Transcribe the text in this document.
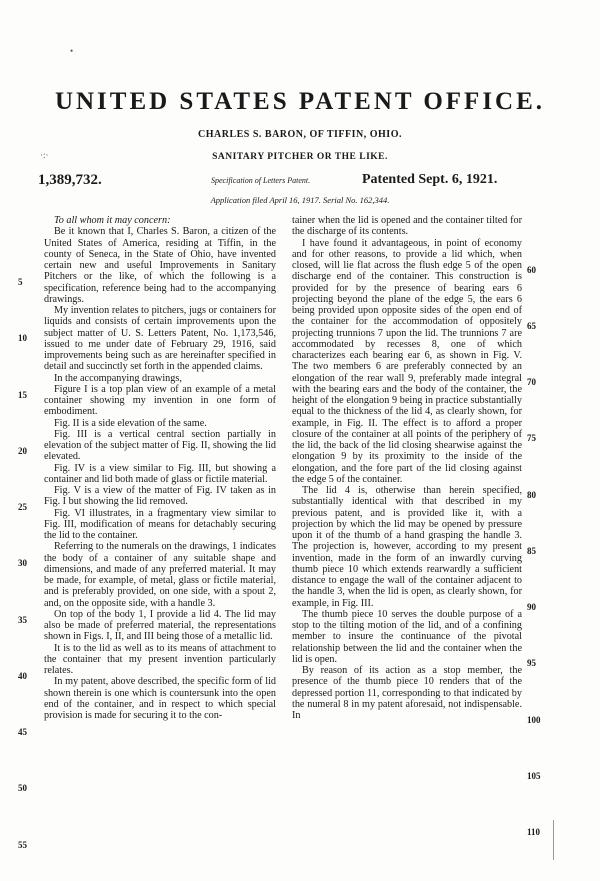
•
·:·
UNITED STATES PATENT OFFICE.
CHARLES S. BARON, OF TIFFIN, OHIO.
SANITARY PITCHER OR THE LIKE.
1,389,732.	Specification of Letters Patent.	Patented Sept. 6, 1921.
Application filed April 16, 1917. Serial No. 162,344.

To all whom it may concern:

Be it known that I, Charles S. Baron, a citizen of the United States of America, residing at Tiffin, in the county of Seneca, in the State of Ohio, have invented certain new and useful Improvements in Sanitary Pitchers or the like, of which the following is a specification, reference being had to the accompanying drawings.

My invention relates to pitchers, jugs or containers for liquids and consists of certain improvements upon the subject matter of U. S. Letters Patent, No. 1,173,546, issued to me under date of February 29, 1916, said improvements being such as are hereinafter specified in detail and succinctly set forth in the appended claims.

In the accompanying drawings,

Figure I is a top plan view of an example of a metal container showing my invention in one form of embodiment.

Fig. II is a side elevation of the same.

Fig. III is a vertical central section partially in elevation of the subject matter of Fig. II, showing the lid elevated.

Fig. IV is a view similar to Fig. III, but showing a container and lid both made of glass or fictile material.

Fig. V is a view of the matter of Fig. IV taken as in Fig. I but showing the lid removed.

Fig. VI illustrates, in a fragmentary view similar to Fig. III, modification of means for detachably securing the lid to the container.

Referring to the numerals on the drawings, 1 indicates the body of a container of any suitable shape and dimensions, and made of any preferred material. It may be made, for example, of metal, glass or fictile material, and is preferably provided, on one side, with a spout 2, and, on the opposite side, with a handle 3.

On top of the body 1, I provide a lid 4. The lid may also be made of preferred material, the representations shown in Figs. I, II, and III being those of a metallic lid.

It is to the lid as well as to its means of attachment to the container that my present invention particularly relates.

In my patent, above described, the specific form of lid shown therein is one which is countersunk into the open end of the container, and in respect to which special provision is made for securing it to the con-

5
10
15
20
25
30
35
40
45
50
55

tainer when the lid is opened and the container tilted for the discharge of its contents.

I have found it advantageous, in point of economy and for other reasons, to provide a lid which, when closed, will lie flat across the flush edge 5 of the open discharge end of the container. This construction is provided for by the presence of bearing ears 6 projecting beyond the plane of the edge 5, the ears 6 being provided upon opposite sides of the open end of the container for the accommodation of oppositely projecting trunnions 7 upon the lid. The trunnions 7 are accommodated by recesses 8, one of which characterizes each bearing ear 6, as shown in Fig. V. The two members 6 are preferably connected by an elongation of the rear wall 9, preferably made integral with the bearing ears and the body of the container, the height of the elongation 9 being in practice substantially equal to the thickness of the lid 4, as clearly shown, for example, in Fig. II. The effect is to afford a proper closure of the container at all points of the periphery of the lid, the back of the lid closing shearwise against the elongation 9 by its proximity to the inside of the elongation, and the fore part of the lid closing against the edge 5 of the container.

The lid 4 is, otherwise than herein specified, substantially identical with that described in my previous patent, and is provided like it, with a projection by which the lid may be opened by pressure upon it of the thumb of a hand grasping the handle 3. The projection is, however, according to my present invention, made in the form of an inwardly curving thumb piece 10 which extends rearwardly a sufficient distance to engage the wall of the container adjacent to the handle 3, when the lid is open, as clearly shown, for example, in Fig. III.

The thumb piece 10 serves the double purpose of a stop to the tilting motion of the lid, and of a confining member to insure the continuance of the pivotal relationship between the lid and the container when the lid is open.

By reason of its action as a stop member, the presence of the thumb piece 10 renders that of the depressed portion 11, corresponding to that indicated by the numeral 8 in my patent aforesaid, not indispensable. In

60
65
70
75
80
85
90
95
100
105
110
